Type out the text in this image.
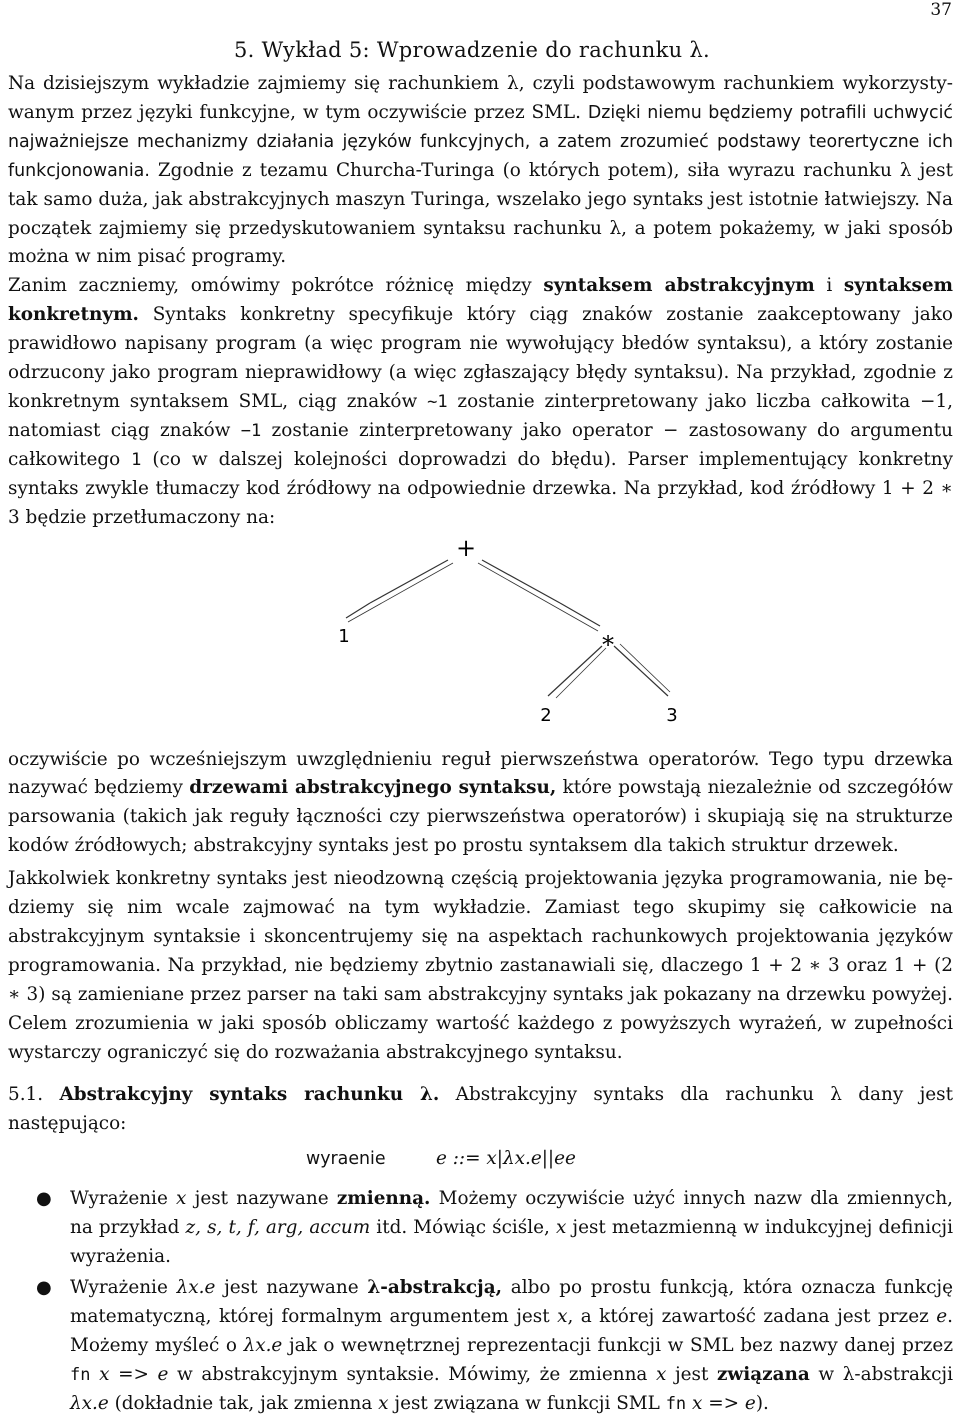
37
5. Wykład 5: Wprowadzenie do rachunku λ.

Na dzisiejszym wykładzie zajmiemy się rachunkiem λ, czyli podstawowym rachunkiem wykorzystywanym przez języki funkcyjne, w tym oczywiście przez SML. Dzięki niemu będziemy potrafili uchwycić najważniejsze mechanizmy działania języków funkcyjnych, a zatem zrozumieć podstawy teorertyczne ich funkcjonowania. Zgodnie z tezamu Churcha-Turinga (o których potem), siła wyrazu rachunku λ jest tak samo duża, jak abstrakcyjnych maszyn Turinga, wszelako jego syntaks jest istotnie łatwiejszy. Na początek zajmiemy się przedyskutowaniem syntaksu rachunku λ, a potem pokażemy, w jaki sposób można w nim pisać programy.

Zanim zaczniemy, omówimy pokrótce różnicę między syntaksem abstrakcyjnym i syntaksem konkretnym. Syntaks konkretny specyfikuje który ciąg znaków zostanie zaakceptowany jako prawidłowo napisany program (a więc program nie wywołujący błedów syntaksu), a który zostanie odrzucony jako program nieprawidłowy (a więc zgłaszający błędy syntaksu). Na przykład, zgodnie z konkretnym syntaksem SML, ciąg znaków ~1 zostanie zinterpretowany jako liczba całkowita −1, natomiast ciąg znaków −1 zostanie zinterpretowany jako operator − zastosowany do argumentu całkowitego 1 (co w dalszej kolejności doprowadzi do błędu). Parser implementujący konkretny syntaks zwykle tłumaczy kod źródłowy na odpowiednie drzewka. Na przykład, kod źródłowy 1 + 2 ∗ 3 będzie przetłumaczony na:

+
1	∗
2	3

oczywiście po wcześniejszym uwzględnieniu reguł pierwszeństwa operatorów. Tego typu drzewka nazywać będziemy drzewami abstrakcyjnego syntaksu, które powstają niezależnie od szczegółów parsowania (takich jak reguły łączności czy pierwszeństwa operatorów) i skupiają się na strukturze kodów źródłowych; abstrakcyjny syntaks jest po prostu syntaksem dla takich struktur drzewek.

Jakkolwiek konkretny syntaks jest nieodzowną częścią projektowania języka programowania, nie będziemy się nim wcale zajmować na tym wykładzie. Zamiast tego skupimy się całkowicie na abstrakcyjnym syntaksie i skoncentrujemy się na aspektach rachunkowych projektowania języków programowania. Na przykład, nie będziemy zbytnio zastanawiali się, dlaczego 1 + 2 ∗ 3 oraz 1 + (2 ∗ 3) są zamieniane przez parser na taki sam abstrakcyjny syntaks jak pokazany na drzewku powyżej. Celem zrozumienia w jaki sposób obliczamy wartość każdego z powyższych wyrażeń, w zupełności wystarczy ograniczyć się do rozważania abstrakcyjnego syntaksu.

5.1. Abstrakcyjny syntaks rachunku λ. Abstrakcyjny syntaks dla rachunku λ dany jest następująco:

wyraenie	e ::= x|λx.e||ee
● Wyrażenie x jest nazywane zmienną. Możemy oczywiście użyć innych nazw dla zmiennych, na przykład z, s, t, f, arg, accum itd. Mówiąc ściśle, x jest metazmienną w indukcyjnej definicji wyrażenia.
● Wyrażenie λx.e jest nazywane λ-abstrakcją, albo po prostu funkcją, która oznacza funkcję matematyczną, której formalnym argumentem jest x, a której zawartość zadana jest przez e. Możemy myśleć o λx.e jak o wewnętrznej reprezentacji funkcji w SML bez nazwy danej przez fn x => e w abstrakcyjnym syntaksie. Mówimy, że zmienna x jest związana w λ-abstrakcji λx.e (dokładnie tak, jak zmienna x jest związana w funkcji SML fn x => e).
